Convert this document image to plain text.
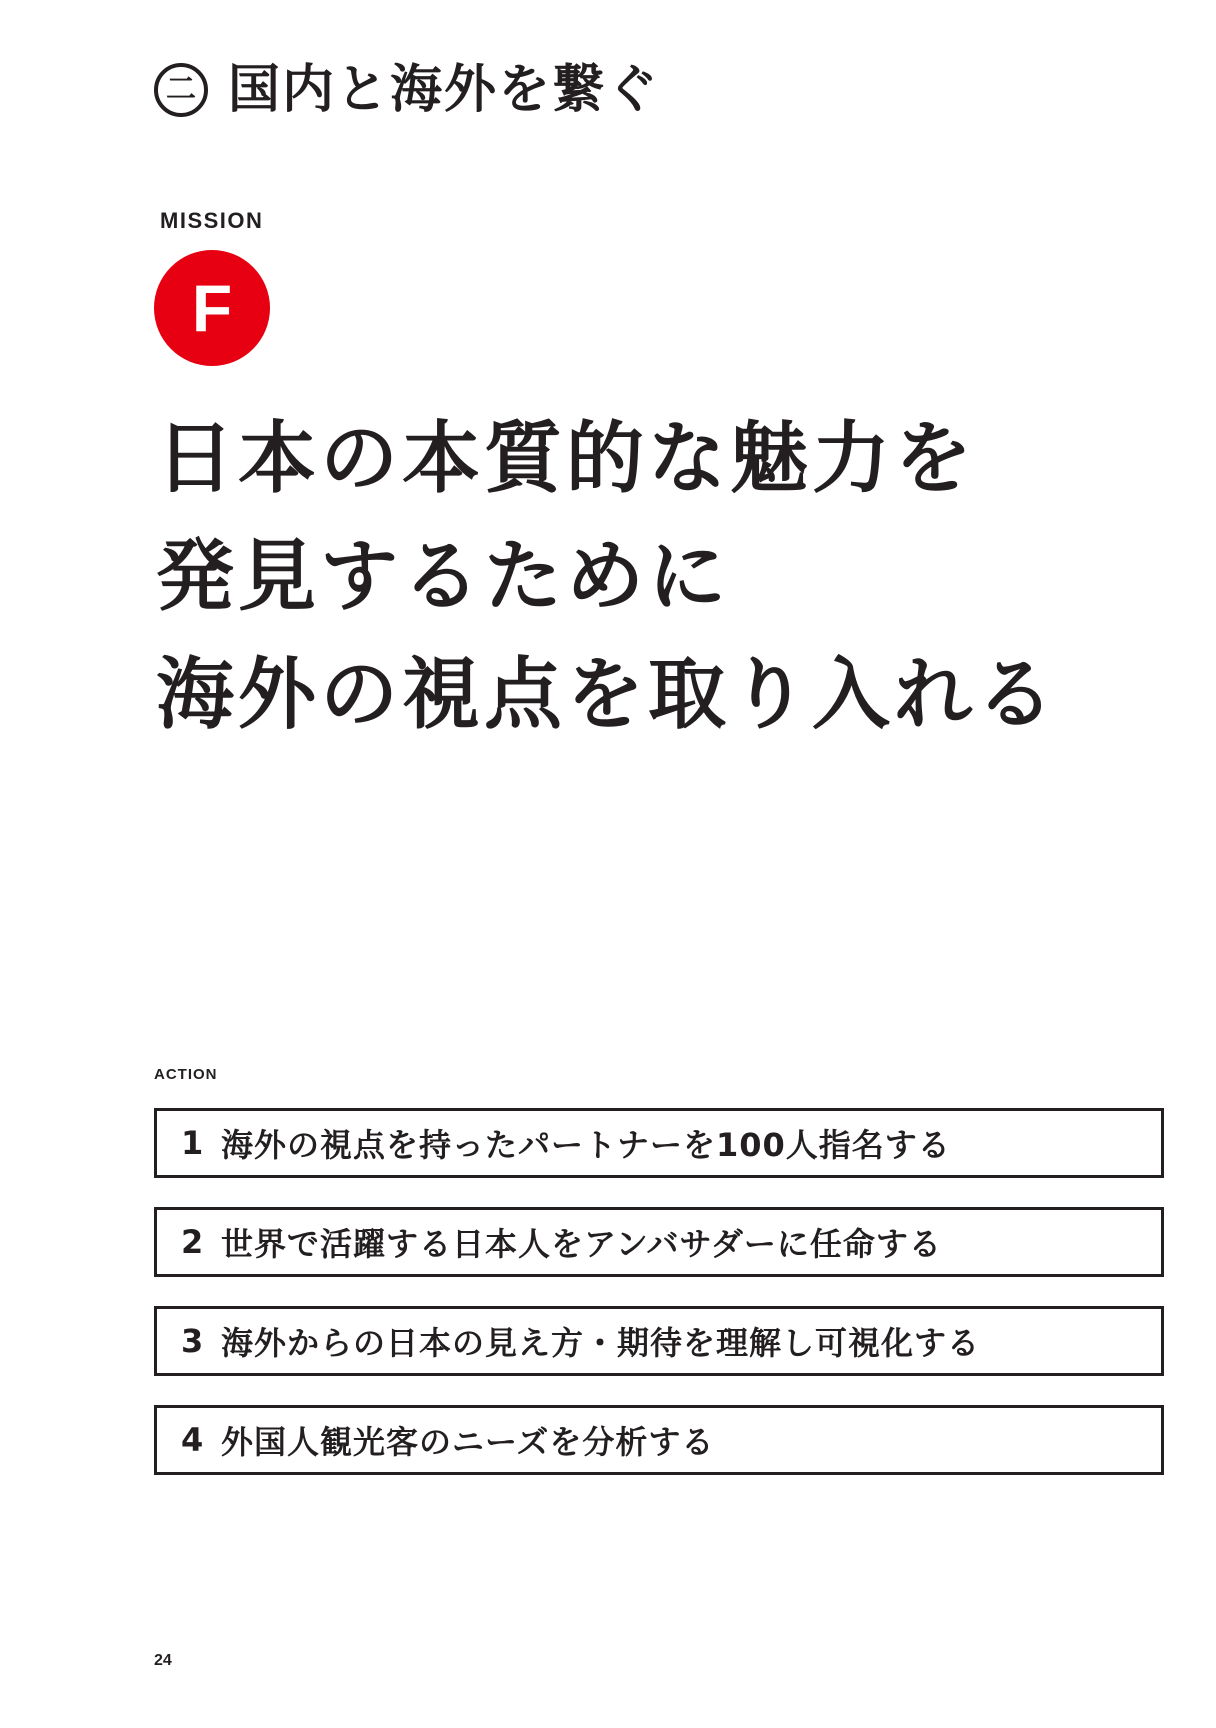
二 国内と海外を繋ぐ
MISSION
F
日本の本質的な魅力を
発見するために
海外の視点を取り入れる
ACTION
1 海外の視点を持ったパートナーを100人指名する
2 世界で活躍する日本人をアンバサダーに任命する
3 海外からの日本の見え方・期待を理解し可視化する
4 外国人観光客のニーズを分析する
24
